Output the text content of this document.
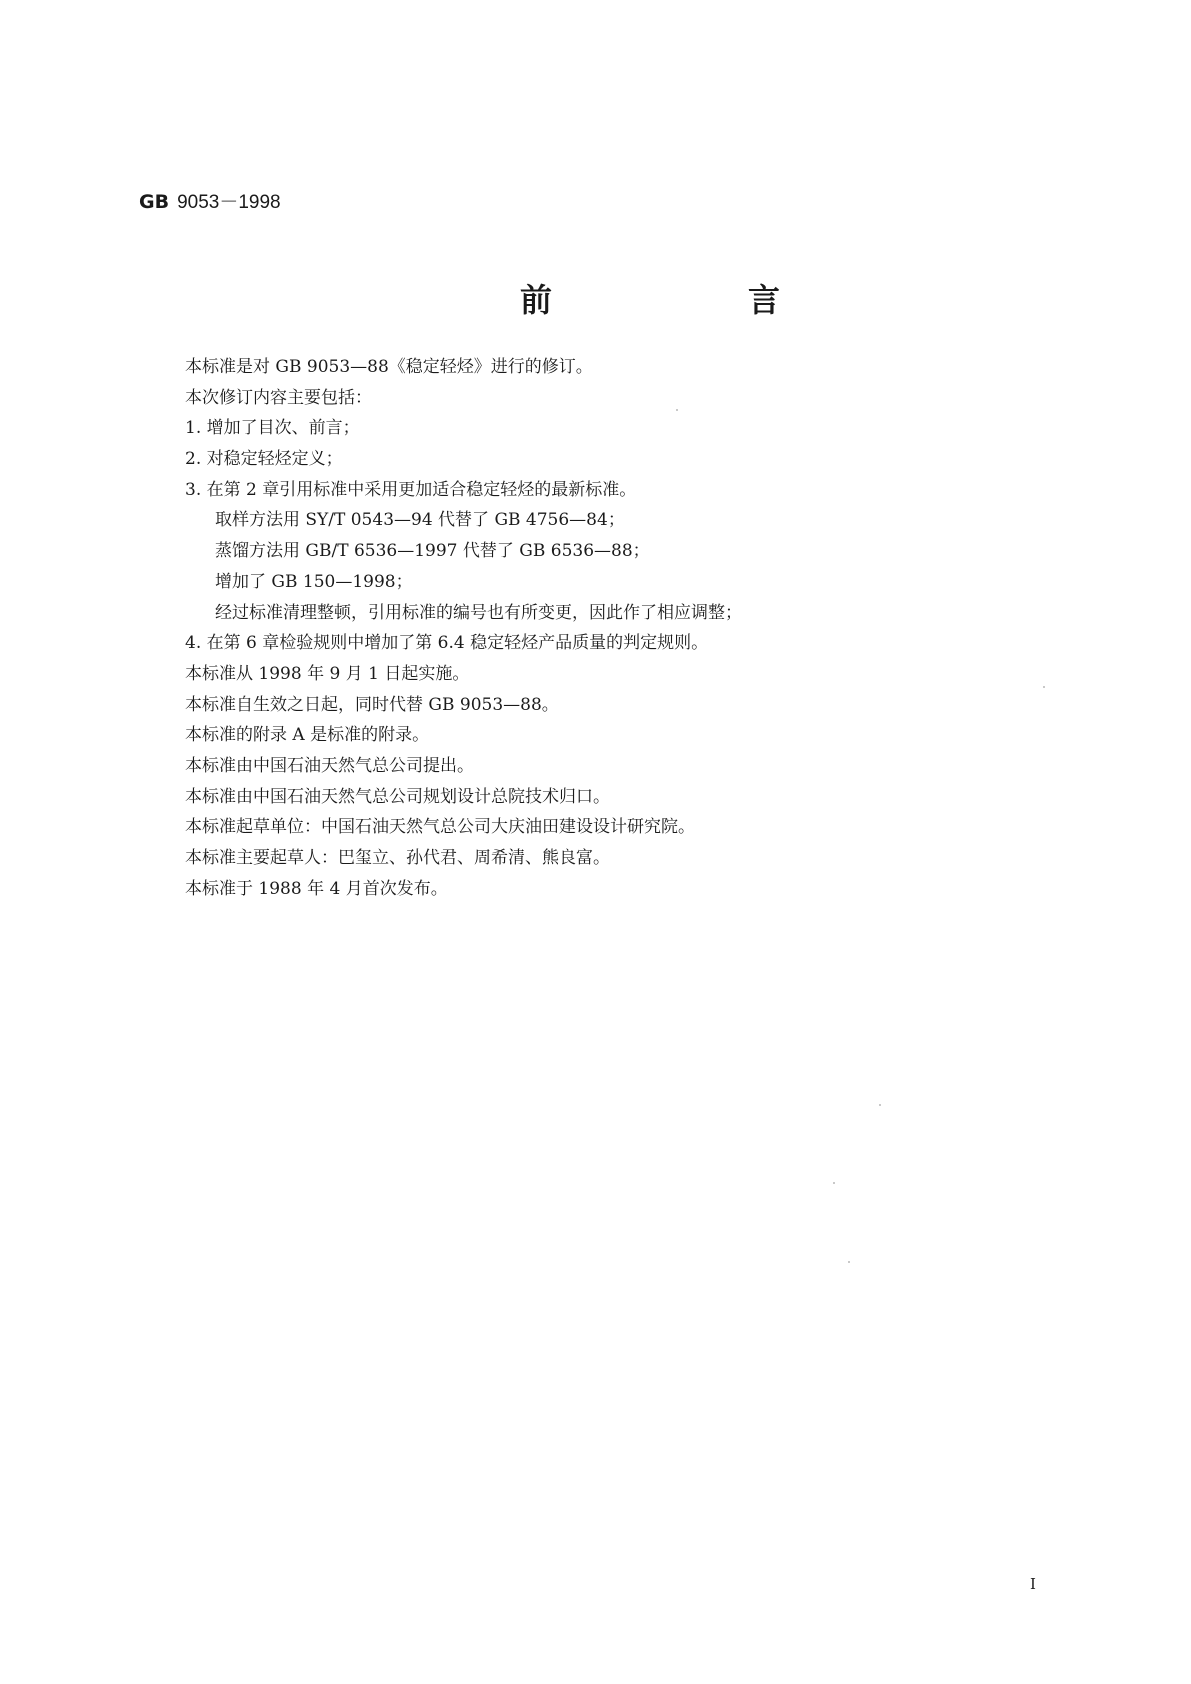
GB 9053－1998
前　言
本标准是对 GB 9053—88《稳定轻烃》进行的修订。
本次修订内容主要包括：
1. 增加了目次、前言；
2. 对稳定轻烃定义；
3. 在第 2 章引用标准中采用更加适合稳定轻烃的最新标准。
取样方法用 SY/T 0543—94 代替了 GB 4756—84；
蒸馏方法用 GB/T 6536—1997 代替了 GB 6536—88；
增加了 GB 150—1998；
经过标准清理整顿，引用标准的编号也有所变更，因此作了相应调整；
4. 在第 6 章检验规则中增加了第 6.4 稳定轻烃产品质量的判定规则。
本标准从 1998 年 9 月 1 日起实施。
本标准自生效之日起，同时代替 GB 9053—88。
本标准的附录 A 是标准的附录。
本标准由中国石油天然气总公司提出。
本标准由中国石油天然气总公司规划设计总院技术归口。
本标准起草单位：中国石油天然气总公司大庆油田建设设计研究院。
本标准主要起草人：巴玺立、孙代君、周希清、熊良富。
本标准于 1988 年 4 月首次发布。
I
